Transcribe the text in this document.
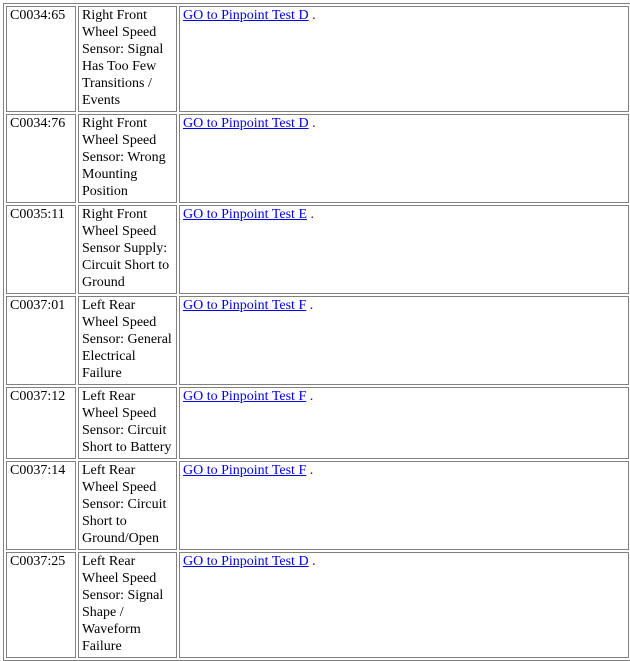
C0034:65	Right Front Wheel Speed Sensor: Signal Has Too Few Transitions / Events	GO to Pinpoint Test D .
C0034:76	Right Front Wheel Speed Sensor: Wrong Mounting Position	GO to Pinpoint Test D .
C0035:11	Right Front Wheel Speed Sensor Supply: Circuit Short to Ground	GO to Pinpoint Test E .
C0037:01	Left Rear Wheel Speed Sensor: General Electrical Failure	GO to Pinpoint Test F .
C0037:12	Left Rear Wheel Speed Sensor: Circuit Short to Battery	GO to Pinpoint Test F .
C0037:14	Left Rear Wheel Speed Sensor: Circuit Short to Ground/Open	GO to Pinpoint Test F .
C0037:25	Left Rear Wheel Speed Sensor: Signal Shape / Waveform Failure	GO to Pinpoint Test D .
